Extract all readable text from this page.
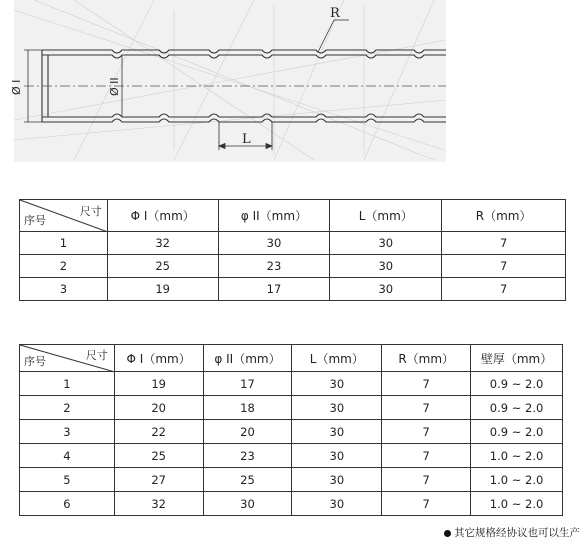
R
L
Ø I	Ø II
尺寸
序号	Φ I（mm）	φ II（mm）	L（mm）	R（mm）
1	32	30	30	7
2	25	23	30	7
3	19	17	30	7
尺寸
序号	Φ I（mm）	φ II（mm）	L（mm）	R（mm）	壁厚（mm）
1	19	17	30	7	0.9 ~ 2.0
2	20	18	30	7	0.9 ~ 2.0
3	22	20	30	7	0.9 ~ 2.0
4	25	23	30	7	1.0 ~ 2.0
5	27	25	30	7	1.0 ~ 2.0
6	32	30	30	7	1.0 ~ 2.0
其它规格经协议也可以生产
